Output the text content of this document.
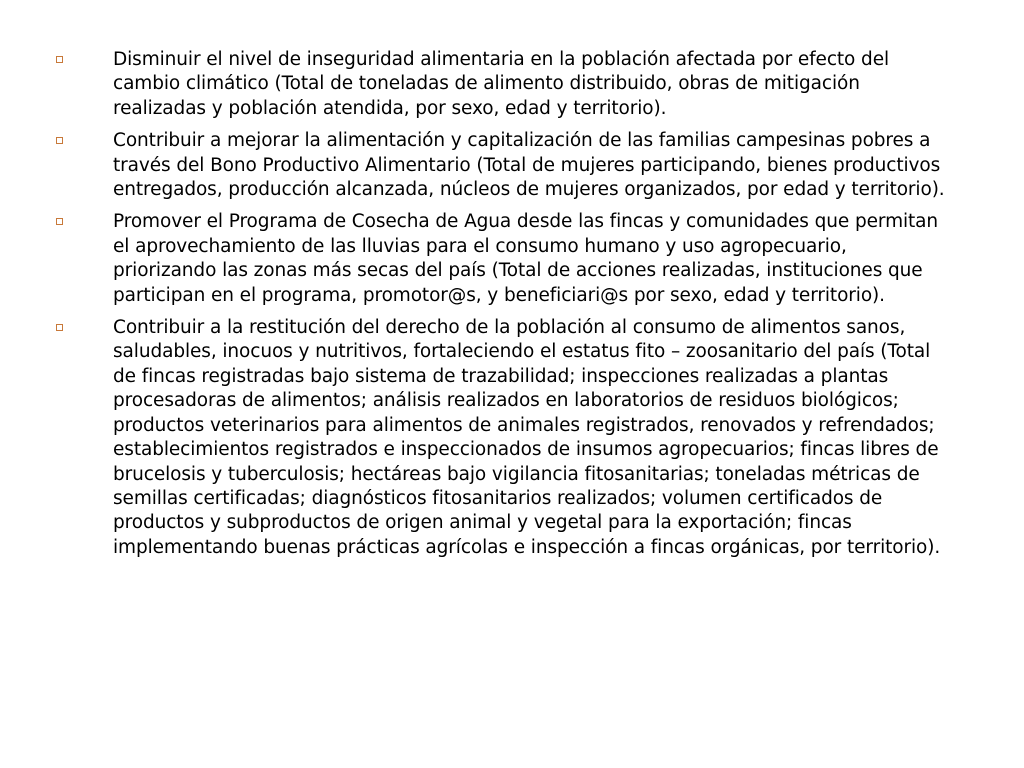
Disminuir el nivel de inseguridad alimentaria en la población afectada por efecto del cambio climático (Total de toneladas de alimento distribuido, obras de mitigación realizadas y población atendida, por sexo, edad y territorio).
Contribuir a mejorar la alimentación y capitalización de las familias campesinas pobres a través del Bono Productivo Alimentario (Total de mujeres participando, bienes productivos entregados, producción alcanzada, núcleos de mujeres organizados, por edad y territorio).
Promover el Programa de Cosecha de Agua desde las fincas y comunidades que permitan el aprovechamiento de las lluvias para el consumo humano y uso agropecuario, priorizando las zonas más secas del país (Total de acciones realizadas, instituciones que participan en el programa, promotor@s, y beneficiari@s por sexo, edad y territorio).
Contribuir a la restitución del derecho de la población al consumo de alimentos sanos, saludables, inocuos y nutritivos, fortaleciendo el estatus fito – zoosanitario del país (Total de fincas registradas bajo sistema de trazabilidad; inspecciones realizadas a plantas procesadoras de alimentos; análisis realizados en laboratorios de residuos biológicos; productos veterinarios para alimentos de animales registrados, renovados y refrendados; establecimientos registrados e inspeccionados de insumos agropecuarios; fincas libres de brucelosis y tuberculosis; hectáreas bajo vigilancia fitosanitarias; toneladas métricas de semillas certificadas; diagnósticos fitosanitarios realizados; volumen certificados de productos y subproductos de origen animal y vegetal para la exportación; fincas implementando buenas prácticas agrícolas e inspección a fincas orgánicas, por territorio).
